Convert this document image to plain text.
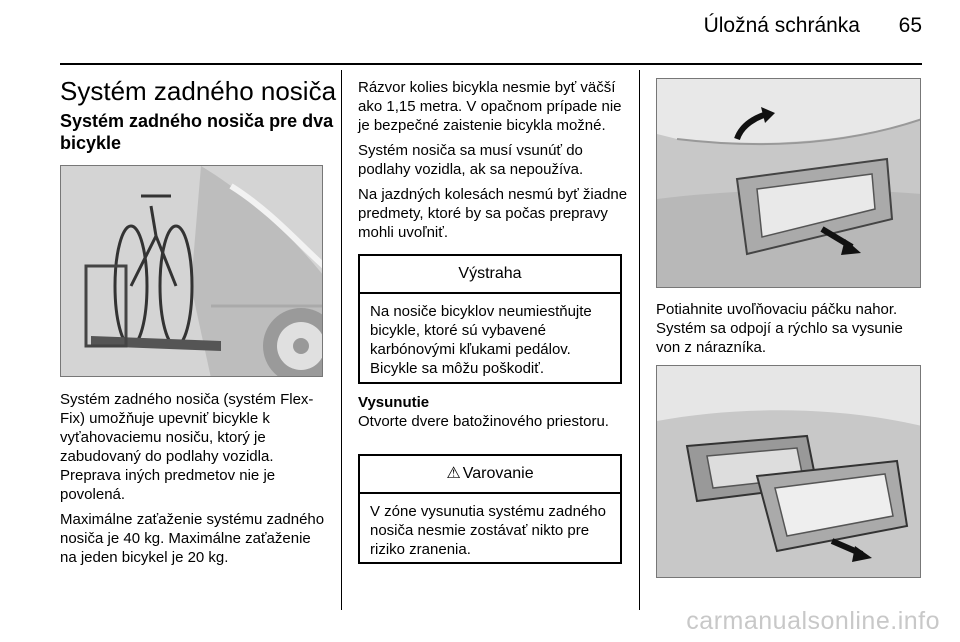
Úložná schránka	65
Systém zadného nosiča
Systém zadného nosiča pre dva bicykle

Systém zadného nosiča (systém Flex-Fix) umožňuje upevniť bicykle k vyťahovaciemu nosiču, ktorý je zabudovaný do podlahy vozidla. Preprava iných predmetov nie je povolená.

Maximálne zaťaženie systému zadného nosiča je 40 kg. Maximálne zaťaženie na jeden bicykel je 20 kg.

Rázvor kolies bicykla nesmie byť väčší ako 1,15 metra. V opačnom prípade nie je bezpečné zaistenie bicykla možné.

Systém nosiča sa musí vsunúť do podlahy vozidla, ak sa nepoužíva.

Na jazdných kolesách nesmú byť žiadne predmety, ktoré by sa počas prepravy mohli uvoľniť.

Výstraha
Na nosiče bicyklov neumiestňujte bicykle, ktoré sú vybavené karbónovými kľukami pedálov. Bicykle sa môžu poškodiť.
Vysunutie
Otvorte dvere batožinového priestoru.
⚠ Varovanie
V zóne vysunutia systému zadného nosiča nesmie zostávať nikto pre riziko zranenia.

Potiahnite uvoľňovaciu páčku nahor. Systém sa odpojí a rýchlo sa vysunie von z nárazníka.

carmanualsonline.info
